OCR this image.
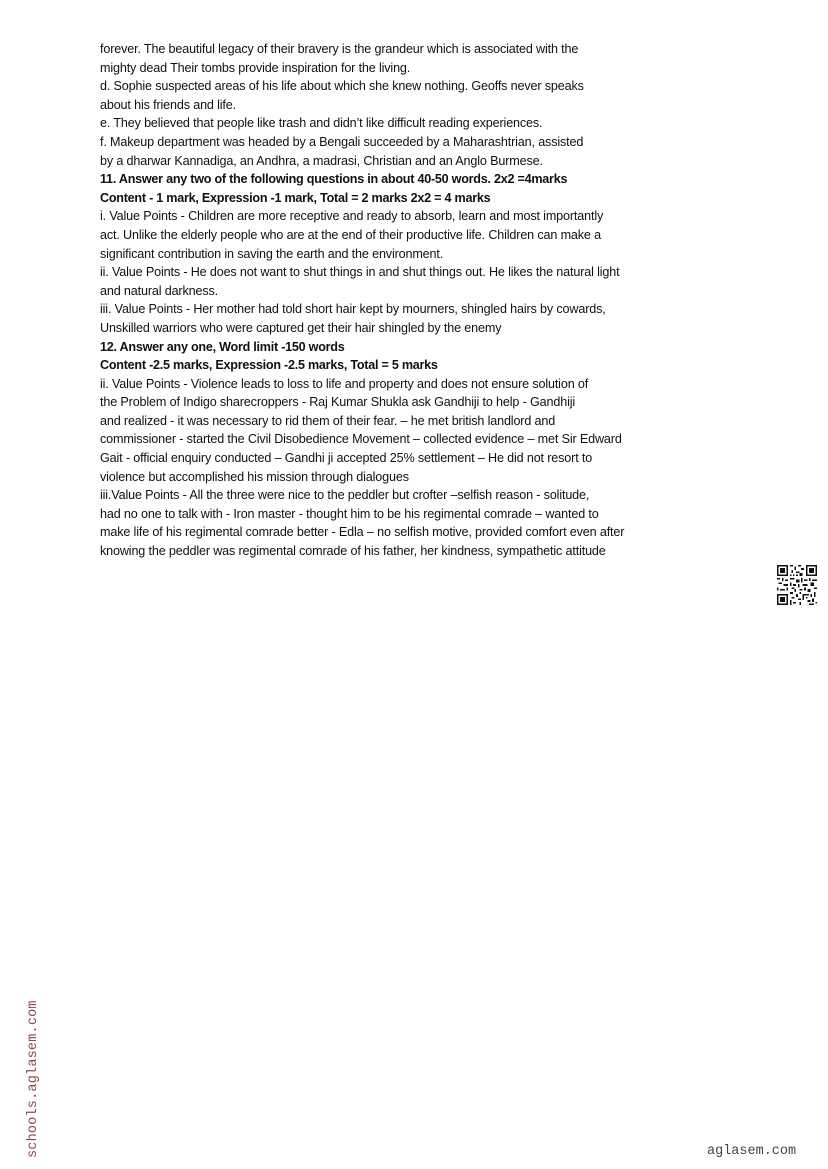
forever. The beautiful legacy of their bravery is the grandeur which is associated with the

mighty dead Their tombs provide inspiration for the living.

d. Sophie suspected areas of his life about which she knew nothing. Geoffs never speaks

about his friends and life.

e. They believed that people like trash and didn’t like difficult reading experiences.

f. Makeup department was headed by a Bengali succeeded by a Maharashtrian, assisted

by a dharwar Kannadiga, an Andhra, a madrasi, Christian and an Anglo Burmese.

11. Answer any two of the following questions in about 40-50 words. 2x2 =4marks

Content - 1 mark, Expression -1 mark, Total = 2 marks 2x2 = 4 marks

i. Value Points - Children are more receptive and ready to absorb, learn and most importantly

act. Unlike the elderly people who are at the end of their productive life. Children can make a

significant contribution in saving the earth and the environment.

ii. Value Points - He does not want to shut things in and shut things out. He likes the natural light

and natural darkness.

iii. Value Points - Her mother had told short hair kept by mourners, shingled hairs by cowards,

Unskilled warriors who were captured get their hair shingled by the enemy

12. Answer any one, Word limit -150 words

Content -2.5 marks, Expression -2.5 marks, Total = 5 marks

ii. Value Points - Violence leads to loss to life and property and does not ensure solution of

the Problem of Indigo sharecroppers - Raj Kumar Shukla ask Gandhiji to help - Gandhiji

and realized - it was necessary to rid them of their fear. – he met british landlord and

commissioner - started the Civil Disobedience Movement – collected evidence – met Sir Edward

Gait - official enquiry conducted – Gandhi ji accepted 25% settlement – He did not resort to

violence but accomplished his mission through dialogues

iii.Value Points - All the three were nice to the peddler but crofter –selfish reason - solitude,

had no one to talk with - Iron master - thought him to be his regimental comrade – wanted to

make life of his regimental comrade better - Edla – no selfish motive, provided comfort even after

knowing the peddler was regimental comrade of his father, her kindness, sympathetic attitude

schools.aglasem.com	aglasem.com
